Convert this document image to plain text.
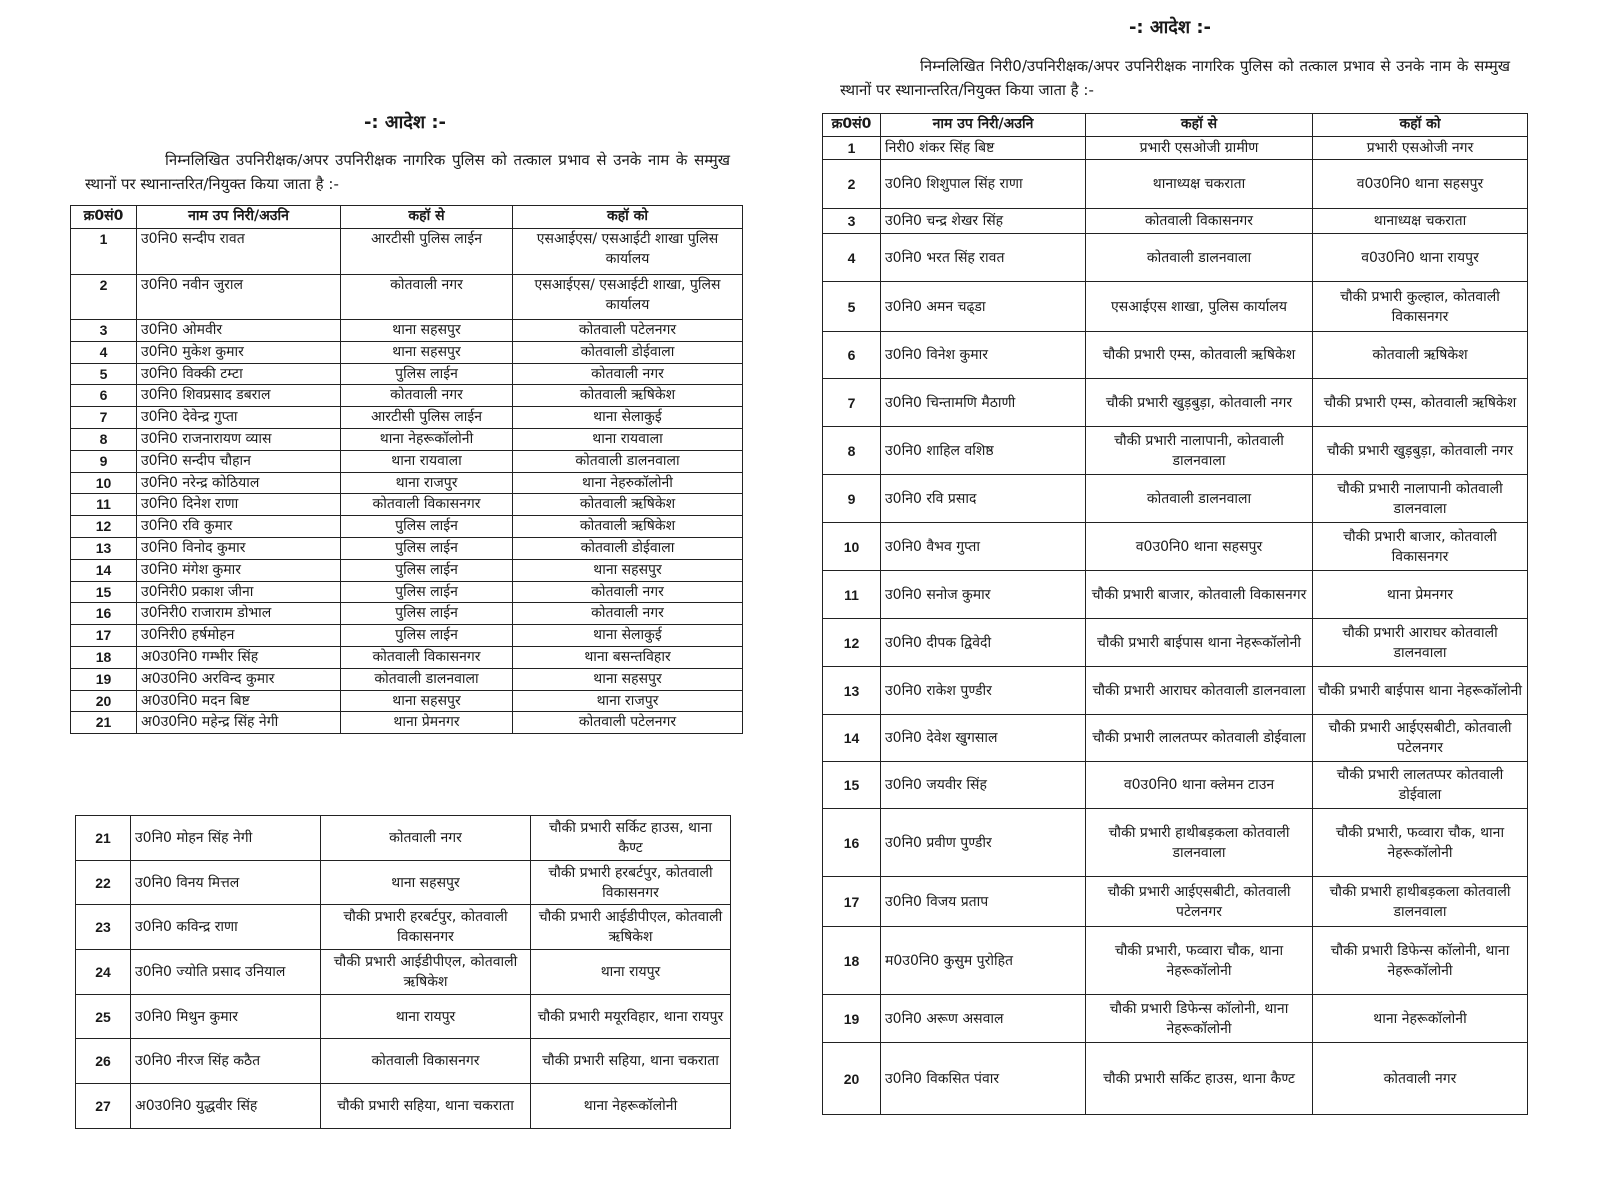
-: आदेश :-
निम्नलिखित उपनिरीक्षक/अपर उपनिरीक्षक नागरिक पुलिस को तत्काल प्रभाव से उनके नाम के सम्मुख स्थानों पर स्थानान्तरित/नियुक्त किया जाता है :-
क्र0सं0	नाम उप निरी/अउनि	कहॉ से	कहॉ को
1	उ0नि0 सन्दीप रावत	आरटीसी पुलिस लाईन	एसआईएस/ एसआईटी शाखा पुलिस कार्यालय
2	उ0नि0 नवीन जुराल	कोतवाली नगर	एसआईएस/ एसआईटी शाखा, पुलिस कार्यालय
3	उ0नि0 ओमवीर	थाना सहसपुर	कोतवाली पटेलनगर
4	उ0नि0 मुकेश कुमार	थाना सहसपुर	कोतवाली डोईवाला
5	उ0नि0 विक्की टम्टा	पुलिस लाईन	कोतवाली नगर
6	उ0नि0 शिवप्रसाद डबराल	कोतवाली नगर	कोतवाली ऋषिकेश
7	उ0नि0 देवेन्द्र गुप्ता	आरटीसी पुलिस लाईन	थाना सेलाकुई
8	उ0नि0 राजनारायण व्यास	थाना नेहरूकॉलोनी	थाना रायवाला
9	उ0नि0 सन्दीप चौहान	थाना रायवाला	कोतवाली डालनवाला
10	उ0नि0 नरेन्द्र कोठियाल	थाना राजपुर	थाना नेहरुकॉलोनी
11	उ0नि0 दिनेश राणा	कोतवाली विकासनगर	कोतवाली ऋषिकेश
12	उ0नि0 रवि कुमार	पुलिस लाईन	कोतवाली ऋषिकेश
13	उ0नि0 विनोद कुमार	पुलिस लाईन	कोतवाली डोईवाला
14	उ0नि0 मंगेश कुमार	पुलिस लाईन	थाना सहसपुर
15	उ0निरी0 प्रकाश जीना	पुलिस लाईन	कोतवाली नगर
16	उ0निरी0 राजाराम डोभाल	पुलिस लाईन	कोतवाली नगर
17	उ0निरी0 हर्षमोहन	पुलिस लाईन	थाना सेलाकुई
18	अ0उ0नि0 गम्भीर सिंह	कोतवाली विकासनगर	थाना बसन्तविहार
19	अ0उ0नि0 अरविन्द कुमार	कोतवाली डालनवाला	थाना सहसपुर
20	अ0उ0नि0 मदन बिष्ट	थाना सहसपुर	थाना राजपुर
21	अ0उ0नि0 महेन्द्र सिंह नेगी	थाना प्रेमनगर	कोतवाली पटेलनगर
21	उ0नि0 मोहन सिंह नेगी	कोतवाली नगर	चौकी प्रभारी सर्किट हाउस, थाना कैण्ट
22	उ0नि0 विनय मित्तल	थाना सहसपुर	चौकी प्रभारी हरबर्टपुर, कोतवाली विकासनगर
23	उ0नि0 कविन्द्र राणा	चौकी प्रभारी हरबर्टपुर, कोतवाली विकासनगर	चौकी प्रभारी आईडीपीएल, कोतवाली ऋषिकेश
24	उ0नि0 ज्योति प्रसाद उनियाल	चौकी प्रभारी आईडीपीएल, कोतवाली ऋषिकेश	थाना रायपुर
25	उ0नि0 मिथुन कुमार	थाना रायपुर	चौकी प्रभारी मयूरविहार, थाना रायपुर
26	उ0नि0 नीरज सिंह कठैत	कोतवाली विकासनगर	चौकी प्रभारी सहिया, थाना चकराता
27	अ0उ0नि0 युद्धवीर सिंह	चौकी प्रभारी सहिया, थाना चकराता	थाना नेहरूकॉलोनी
-: आदेश :-
निम्नलिखित निरी0/उपनिरीक्षक/अपर उपनिरीक्षक नागरिक पुलिस को तत्काल प्रभाव से उनके नाम के सम्मुख स्थानों पर स्थानान्तरित/नियुक्त किया जाता है :-
क्र0सं0	नाम उप निरी/अउनि	कहॉ से	कहॉ को
1	निरी0 शंकर सिंह बिष्ट	प्रभारी एसओजी ग्रामीण	प्रभारी एसओजी नगर
2	उ0नि0 शिशुपाल सिंह राणा	थानाध्यक्ष चकराता	व0उ0नि0 थाना सहसपुर
3	उ0नि0 चन्द्र शेखर सिंह	कोतवाली विकासनगर	थानाध्यक्ष चकराता
4	उ0नि0 भरत सिंह रावत	कोतवाली डालनवाला	व0उ0नि0 थाना रायपुर
5	उ0नि0 अमन चढ्डा	एसआईएस शाखा, पुलिस कार्यालय	चौकी प्रभारी कुल्हाल, कोतवाली विकासनगर
6	उ0नि0 विनेश कुमार	चौकी प्रभारी एम्स, कोतवाली ऋषिकेश	कोतवाली ऋषिकेश
7	उ0नि0 चिन्तामणि मैठाणी	चौकी प्रभारी खुड़बुड़ा, कोतवाली नगर	चौकी प्रभारी एम्स, कोतवाली ऋषिकेश
8	उ0नि0 शाहिल वशिष्ठ	चौकी प्रभारी नालापानी, कोतवाली डालनवाला	चौकी प्रभारी खुड़बुड़ा, कोतवाली नगर
9	उ0नि0 रवि प्रसाद	कोतवाली डालनवाला	चौकी प्रभारी नालापानी कोतवाली डालनवाला
10	उ0नि0 वैभव गुप्ता	व0उ0नि0 थाना सहसपुर	चौकी प्रभारी बाजार, कोतवाली विकासनगर
11	उ0नि0 सनोज कुमार	चौकी प्रभारी बाजार, कोतवाली विकासनगर	थाना प्रेमनगर
12	उ0नि0 दीपक द्विवेदी	चौकी प्रभारी बाईपास थाना नेहरूकॉलोनी	चौकी प्रभारी आराघर कोतवाली डालनवाला
13	उ0नि0 राकेश पुण्डीर	चौकी प्रभारी आराघर कोतवाली डालनवाला	चौकी प्रभारी बाईपास थाना नेहरूकॉलोनी
14	उ0नि0 देवेश खुगसाल	चौकी प्रभारी लालतप्पर कोतवाली डोईवाला	चौकी प्रभारी आईएसबीटी, कोतवाली पटेलनगर
15	उ0नि0 जयवीर सिंह	व0उ0नि0 थाना क्लेमन टाउन	चौकी प्रभारी लालतप्पर कोतवाली डोईवाला
16	उ0नि0 प्रवीण पुण्डीर	चौकी प्रभारी हाथीबड़कला कोतवाली डालनवाला	चौकी प्रभारी, फव्वारा चौक, थाना नेहरूकॉलोनी
17	उ0नि0 विजय प्रताप	चौकी प्रभारी आईएसबीटी, कोतवाली पटेलनगर	चौकी प्रभारी हाथीबड़कला कोतवाली डालनवाला
18	म0उ0नि0 कुसुम पुरोहित	चौकी प्रभारी, फव्वारा चौक, थाना नेहरूकॉलोनी	चौकी प्रभारी डिफेन्स कॉलोनी, थाना नेहरूकॉलोनी
19	उ0नि0 अरूण असवाल	चौकी प्रभारी डिफेन्स कॉलोनी, थाना नेहरूकॉलोनी	थाना नेहरूकॉलोनी
20	उ0नि0 विकसित पंवार	चौकी प्रभारी सर्किट हाउस, थाना कैण्ट	कोतवाली नगर
